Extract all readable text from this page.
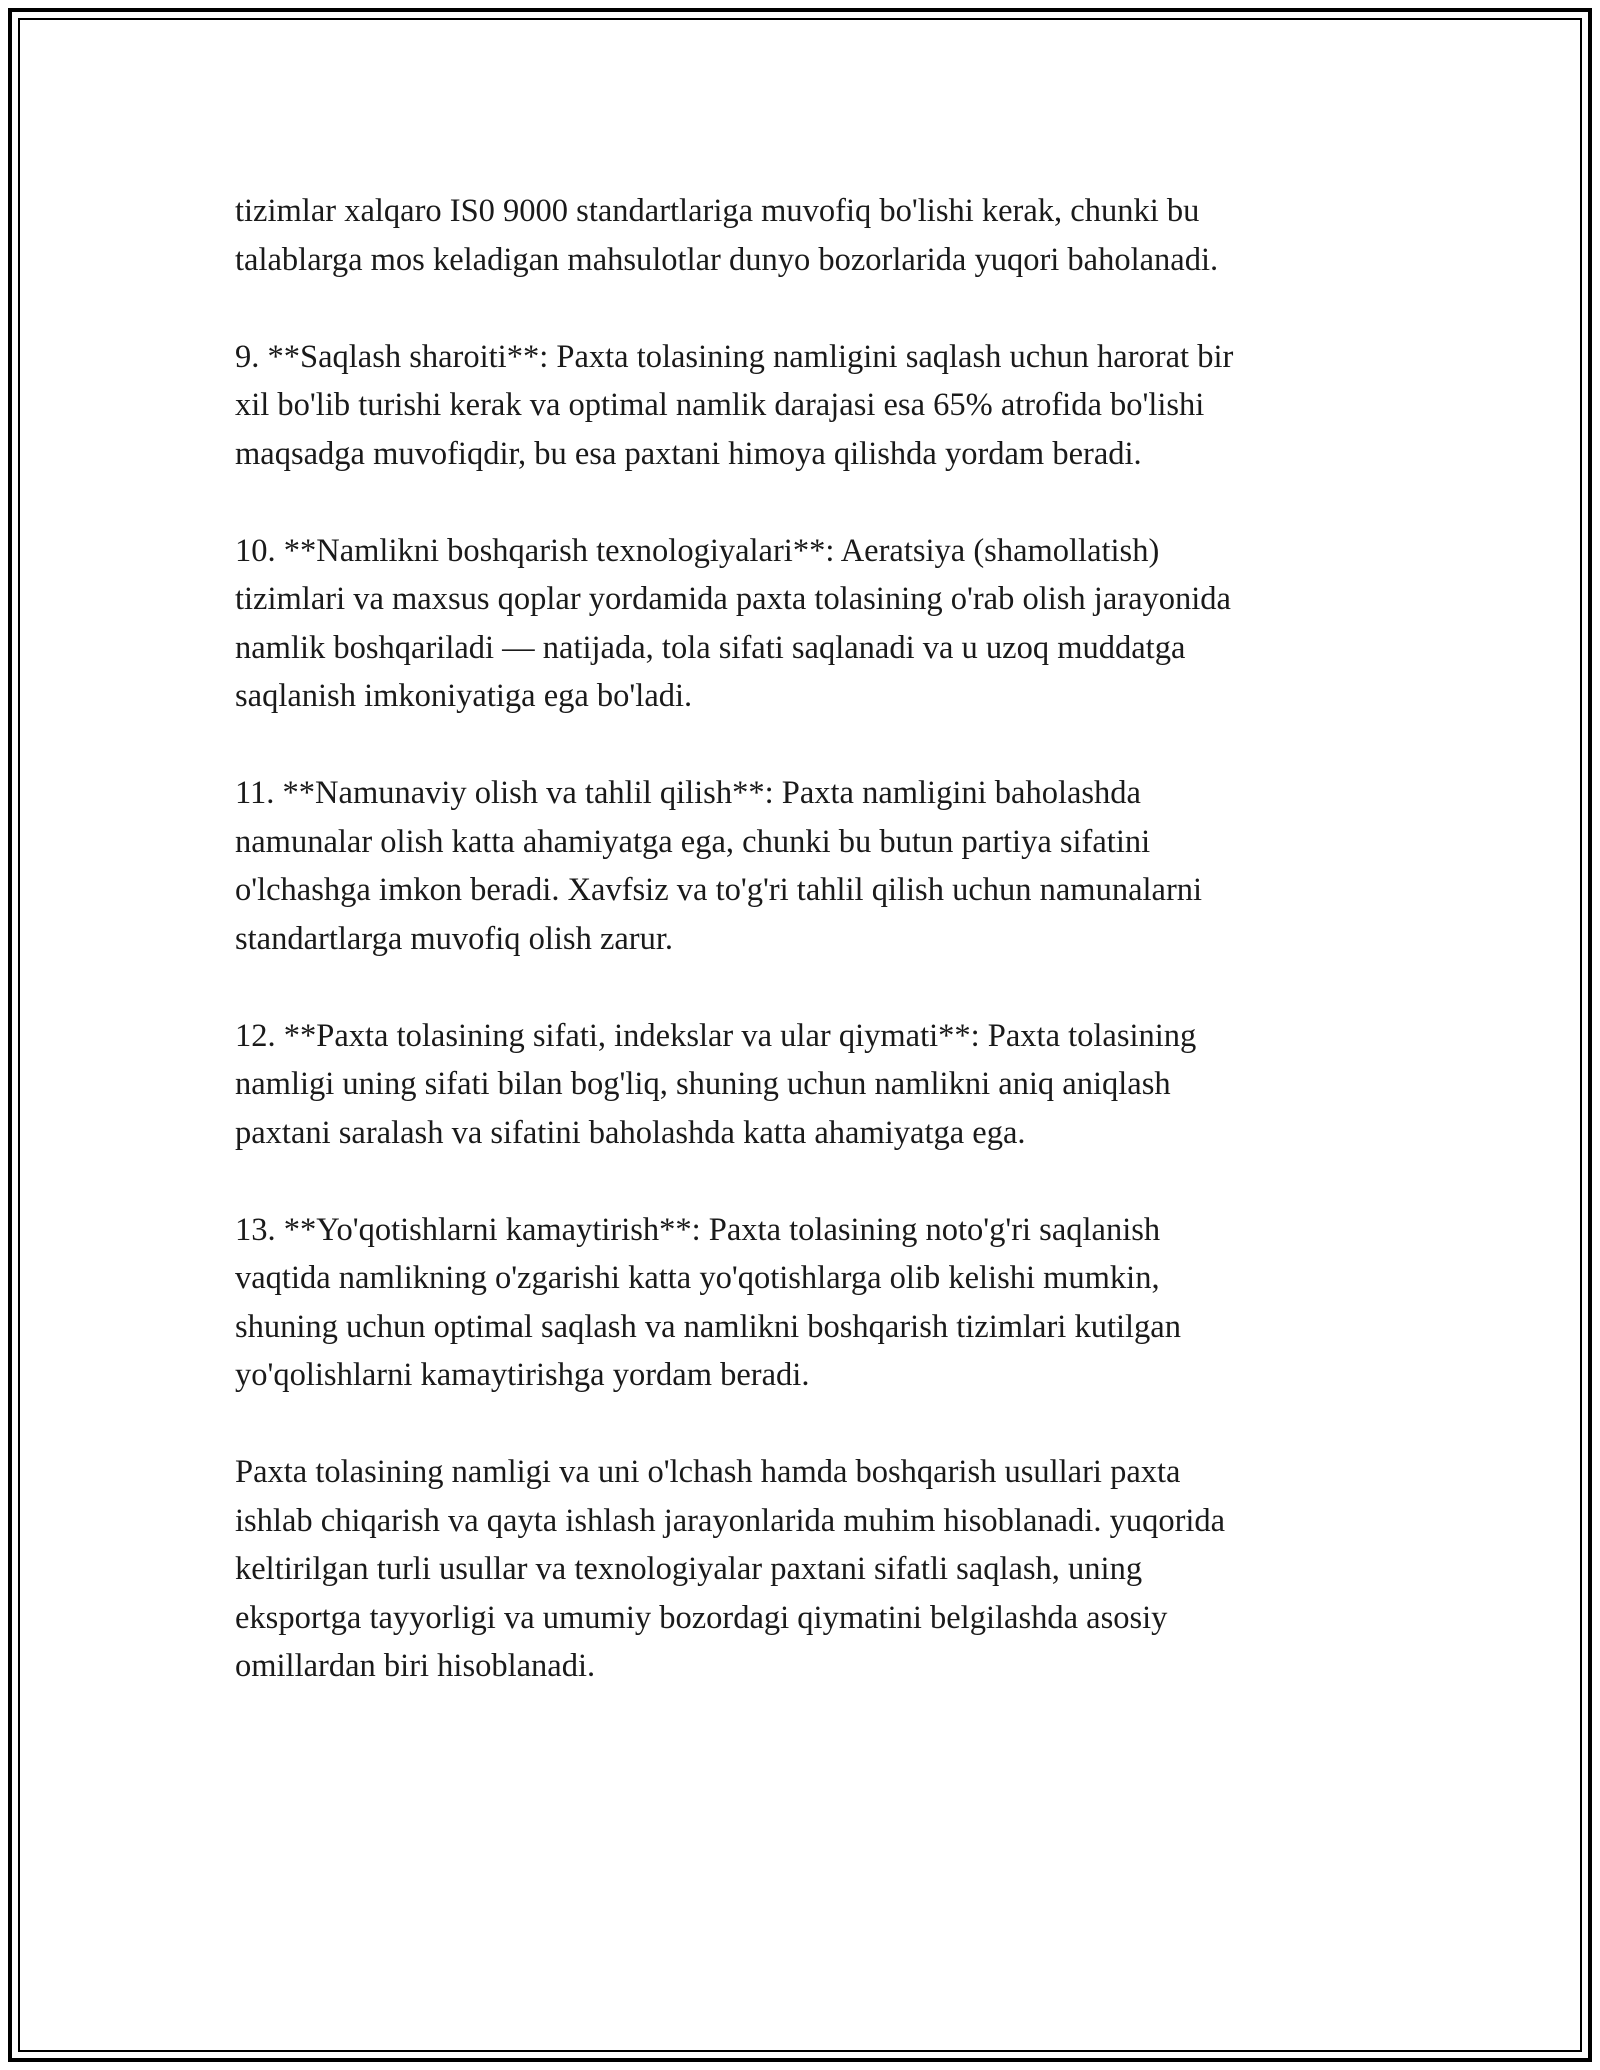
tizimlar xalqaro IS0 9000 standartlariga muvofiq bo'lishi kerak, chunki bu
talablarga mos keladigan mahsulotlar dunyo bozorlarida yuqori baholanadi.

9. **Saqlash sharoiti**: Paxta tolasining namligini saqlash uchun harorat bir
xil bo'lib turishi kerak va optimal namlik darajasi esa 65% atrofida bo'lishi
maqsadga muvofiqdir, bu esa paxtani himoya qilishda yordam beradi.

10. **Namlikni boshqarish texnologiyalari**: Aeratsiya (shamollatish)
tizimlari va maxsus qoplar yordamida paxta tolasining o'rab olish jarayonida
namlik boshqariladi — natijada, tola sifati saqlanadi va u uzoq muddatga
saqlanish imkoniyatiga ega bo'ladi.

11. **Namunaviy olish va tahlil qilish**: Paxta namligini baholashda
namunalar olish katta ahamiyatga ega, chunki bu butun partiya sifatini
o'lchashga imkon beradi. Xavfsiz va to'g'ri tahlil qilish uchun namunalarni
standartlarga muvofiq olish zarur.

12. **Paxta tolasining sifati, indekslar va ular qiymati**: Paxta tolasining
namligi uning sifati bilan bog'liq, shuning uchun namlikni aniq aniqlash
paxtani saralash va sifatini baholashda katta ahamiyatga ega.

13. **Yo'qotishlarni kamaytirish**: Paxta tolasining noto'g'ri saqlanish
vaqtida namlikning o'zgarishi katta yo'qotishlarga olib kelishi mumkin,
shuning uchun optimal saqlash va namlikni boshqarish tizimlari kutilgan
yo'qolishlarni kamaytirishga yordam beradi.

Paxta tolasining namligi va uni o'lchash hamda boshqarish usullari paxta
ishlab chiqarish va qayta ishlash jarayonlarida muhim hisoblanadi. yuqorida
keltirilgan turli usullar va texnologiyalar paxtani sifatli saqlash, uning
eksportga tayyorligi va umumiy bozordagi qiymatini belgilashda asosiy
omillardan biri hisoblanadi.
